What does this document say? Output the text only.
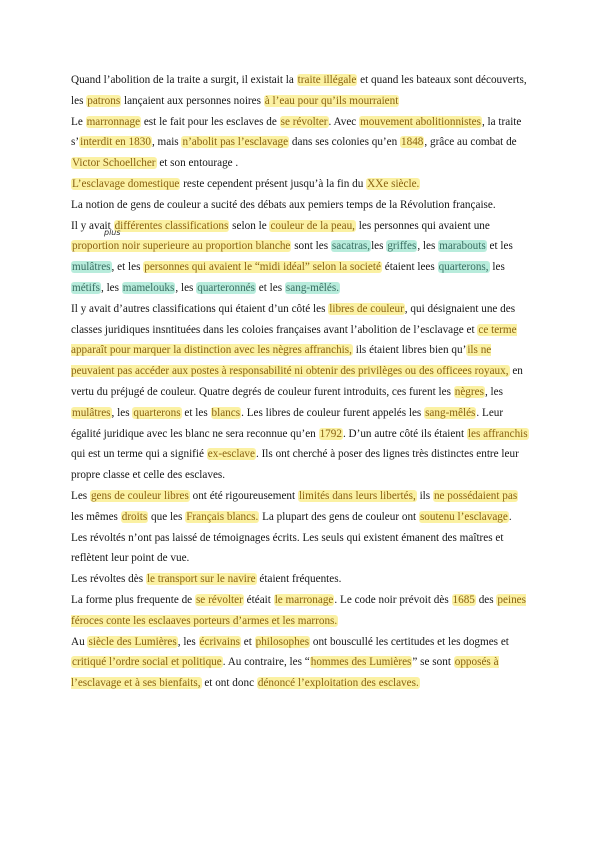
Quand l’abolition de la traite a surgit, il existait la traite illégale et quand les bateaux sont découverts, les patrons lançaient aux personnes noires à l’eau pour qu’ils mourraient

Le marronnage est le fait pour les esclaves de se révolter. Avec mouvement abolitionnistes, la traite s’interdit en 1830, mais n’abolit pas l’esclavage dans ses colonies qu’en 1848, grâce au combat de Victor Schoellcher et son entourage .

L’esclavage domestique reste cependent présent jusqu’à la fin du XXe siècle.

La notion de gens de couleur a sucité des débats aux pemiers temps de la Révolution française.

Il y avait différentes classifications selon le couleur de la peau, les personnes qui avaient une proportion noir superieure au proportion blanche sont les sacatras,les griffes, les marabouts et les mulâtres, et les personnes qui avaient le “midi idéal” selon la societé étaient lees quarterons, les métifs, les mamelouks, les quarteronnés et les sang-mêlés.

Il y avait d’autres classifications qui étaient d’un côté les libres de couleur, qui désignaient une des classes juridiques insntituées dans les coloies françaises avant l’abolition de l’esclavage et ce terme apparaît pour marquer la distinction avec les nègres affranchis, ils étaient libres bien qu’ils ne peuvaient pas accéder aux postes à responsabilité ni obtenir des privilèges ou des officees royaux, en vertu du préjugé de couleur. Quatre degrés de couleur furent introduits, ces furent les nègres, les mulâtres, les quarterons et les blancs. Les libres de couleur furent appelés les sang-mêlés. Leur égalité juridique avec les blanc ne sera reconnue qu’en 1792. D’un autre côté ils étaient les affranchis qui est un terme qui a signifié ex-esclave. Ils ont cherché à poser des lignes très distinctes entre leur propre classe et celle des esclaves.

Les gens de couleur libres ont été rigoureusement limités dans leurs libertés, ils ne possédaient pas les mêmes droits que les Français blancs. La plupart des gens de couleur ont soutenu l’esclavage.

Les révoltés n’ont pas laissé de témoignages écrits. Les seuls qui existent émanent des maîtres et reflètent leur point de vue.

Les révoltes dès le transport sur le navire étaient fréquentes.

La forme plus frequente de se révolter étéait le marronage. Le code noir prévoit dès 1685 des peines féroces conte les esclaaves porteurs d’armes et les marrons.

Au siècle des Lumières, les écrivains et philosophes ont bouscullé les certitudes et les dogmes et critiqué l’ordre social et politique. Au contraire, les “hommes des Lumières” se sont opposés à l’esclavage et à ses bienfaits, et ont donc dénoncé l’exploitation des esclaves.

plus
